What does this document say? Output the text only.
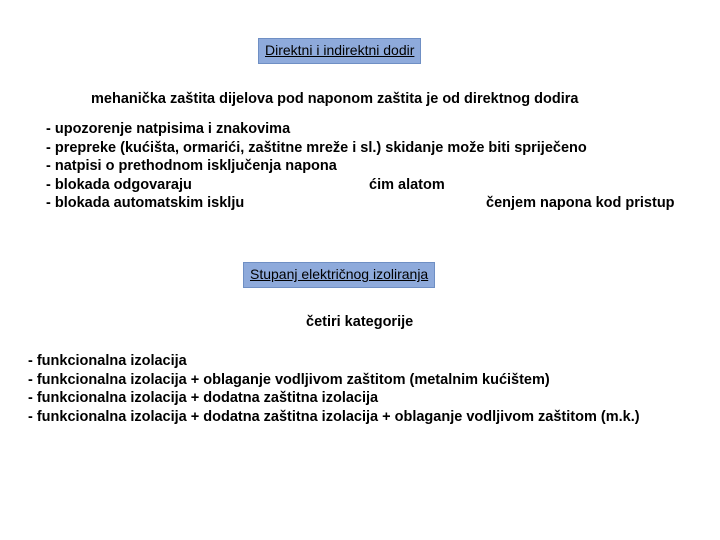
Direktni i indirektni dodir
mehanička zaštita dijelova pod naponom zaštita je od direktnog dodira
- upozorenje natpisima i znakovima
- prepreke (kućišta, ormarići, zaštitne mreže i sl.) skidanje može biti spriječeno
- natpisi o prethodnom isključenja napona
- blokada odgovaraju	ćim alatom
- blokada automatskim isklju	čenjem napona kod pristup
Stupanj električnog izoliranja
četiri kategorije
- funkcionalna izolacija
- funkcionalna izolacija + oblaganje vodljivom zaštitom (metalnim kućištem)
- funkcionalna izolacija + dodatna zaštitna izolacija
- funkcionalna izolacija + dodatna zaštitna izolacija + oblaganje vodljivom zaštitom (m.k.)
